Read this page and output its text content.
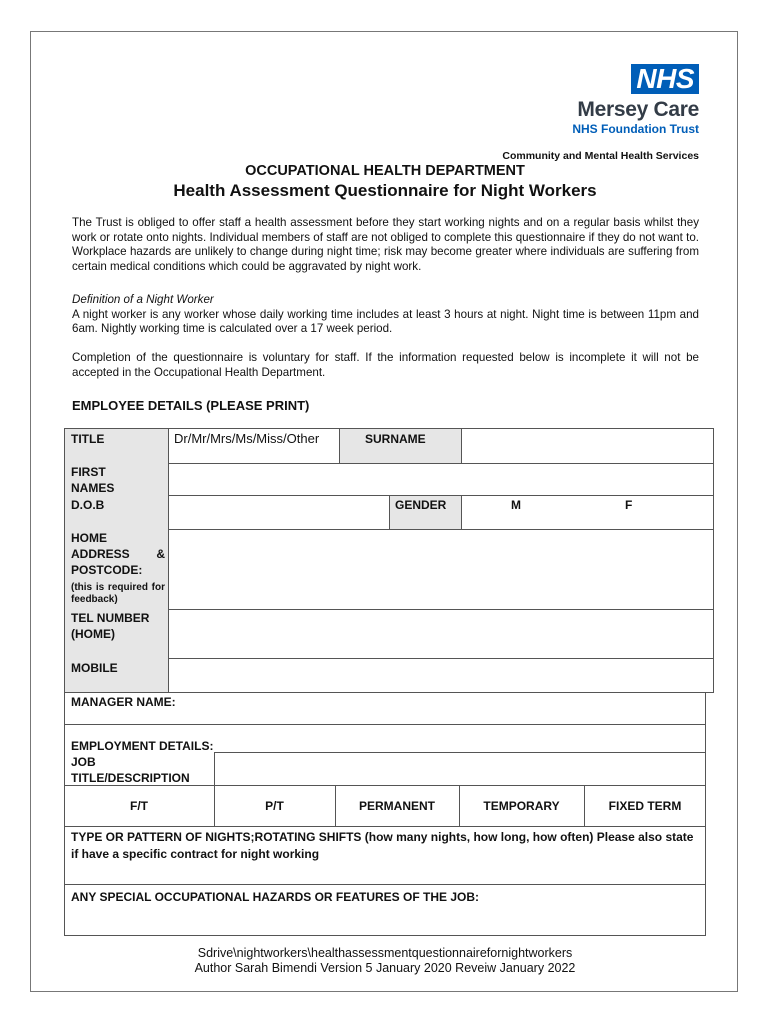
NHS
Mersey Care
NHS Foundation Trust
Community and Mental Health Services
OCCUPATIONAL HEALTH DEPARTMENT
Health Assessment Questionnaire for Night Workers
The Trust is obliged to offer staff a health assessment before they start working nights and on a regular basis whilst they work or rotate onto nights. Individual members of staff are not obliged to complete this questionnaire if they do not want to. Workplace hazards are unlikely to change during night time; risk may become greater where individuals are suffering from certain medical conditions which could be aggravated by night work.
Definition of a Night Worker
A night worker is any worker whose daily working time includes at least 3 hours at night. Night time is between 11pm and 6am. Nightly working time is calculated over a 17 week period.
Completion of the questionnaire is voluntary for staff. If the information requested below is incomplete it will not be accepted in the Occupational Health Department.
EMPLOYEE DETAILS (PLEASE PRINT)
TITLE	Dr/Mr/Mrs/Ms/Miss/Other	SURNAME
FIRST NAMES
D.O.B	GENDER	M	F
HOME ADDRESS & POSTCODE:
(this is required for feedback)
TEL NUMBER (HOME)
MOBILE
MANAGER NAME:
EMPLOYMENT DETAILS:
JOB TITLE/DESCRIPTION
F/T	P/T	PERMANENT	TEMPORARY	FIXED TERM
TYPE OR PATTERN OF NIGHTS;ROTATING SHIFTS (how many nights, how long, how often) Please also state if have a specific contract for night working
ANY SPECIAL OCCUPATIONAL HAZARDS OR FEATURES OF THE JOB:
Sdrive\nightworkers\healthassessmentquestionnairefornightworkers
Author Sarah Bimendi Version 5 January 2020 Reveiw January 2022
